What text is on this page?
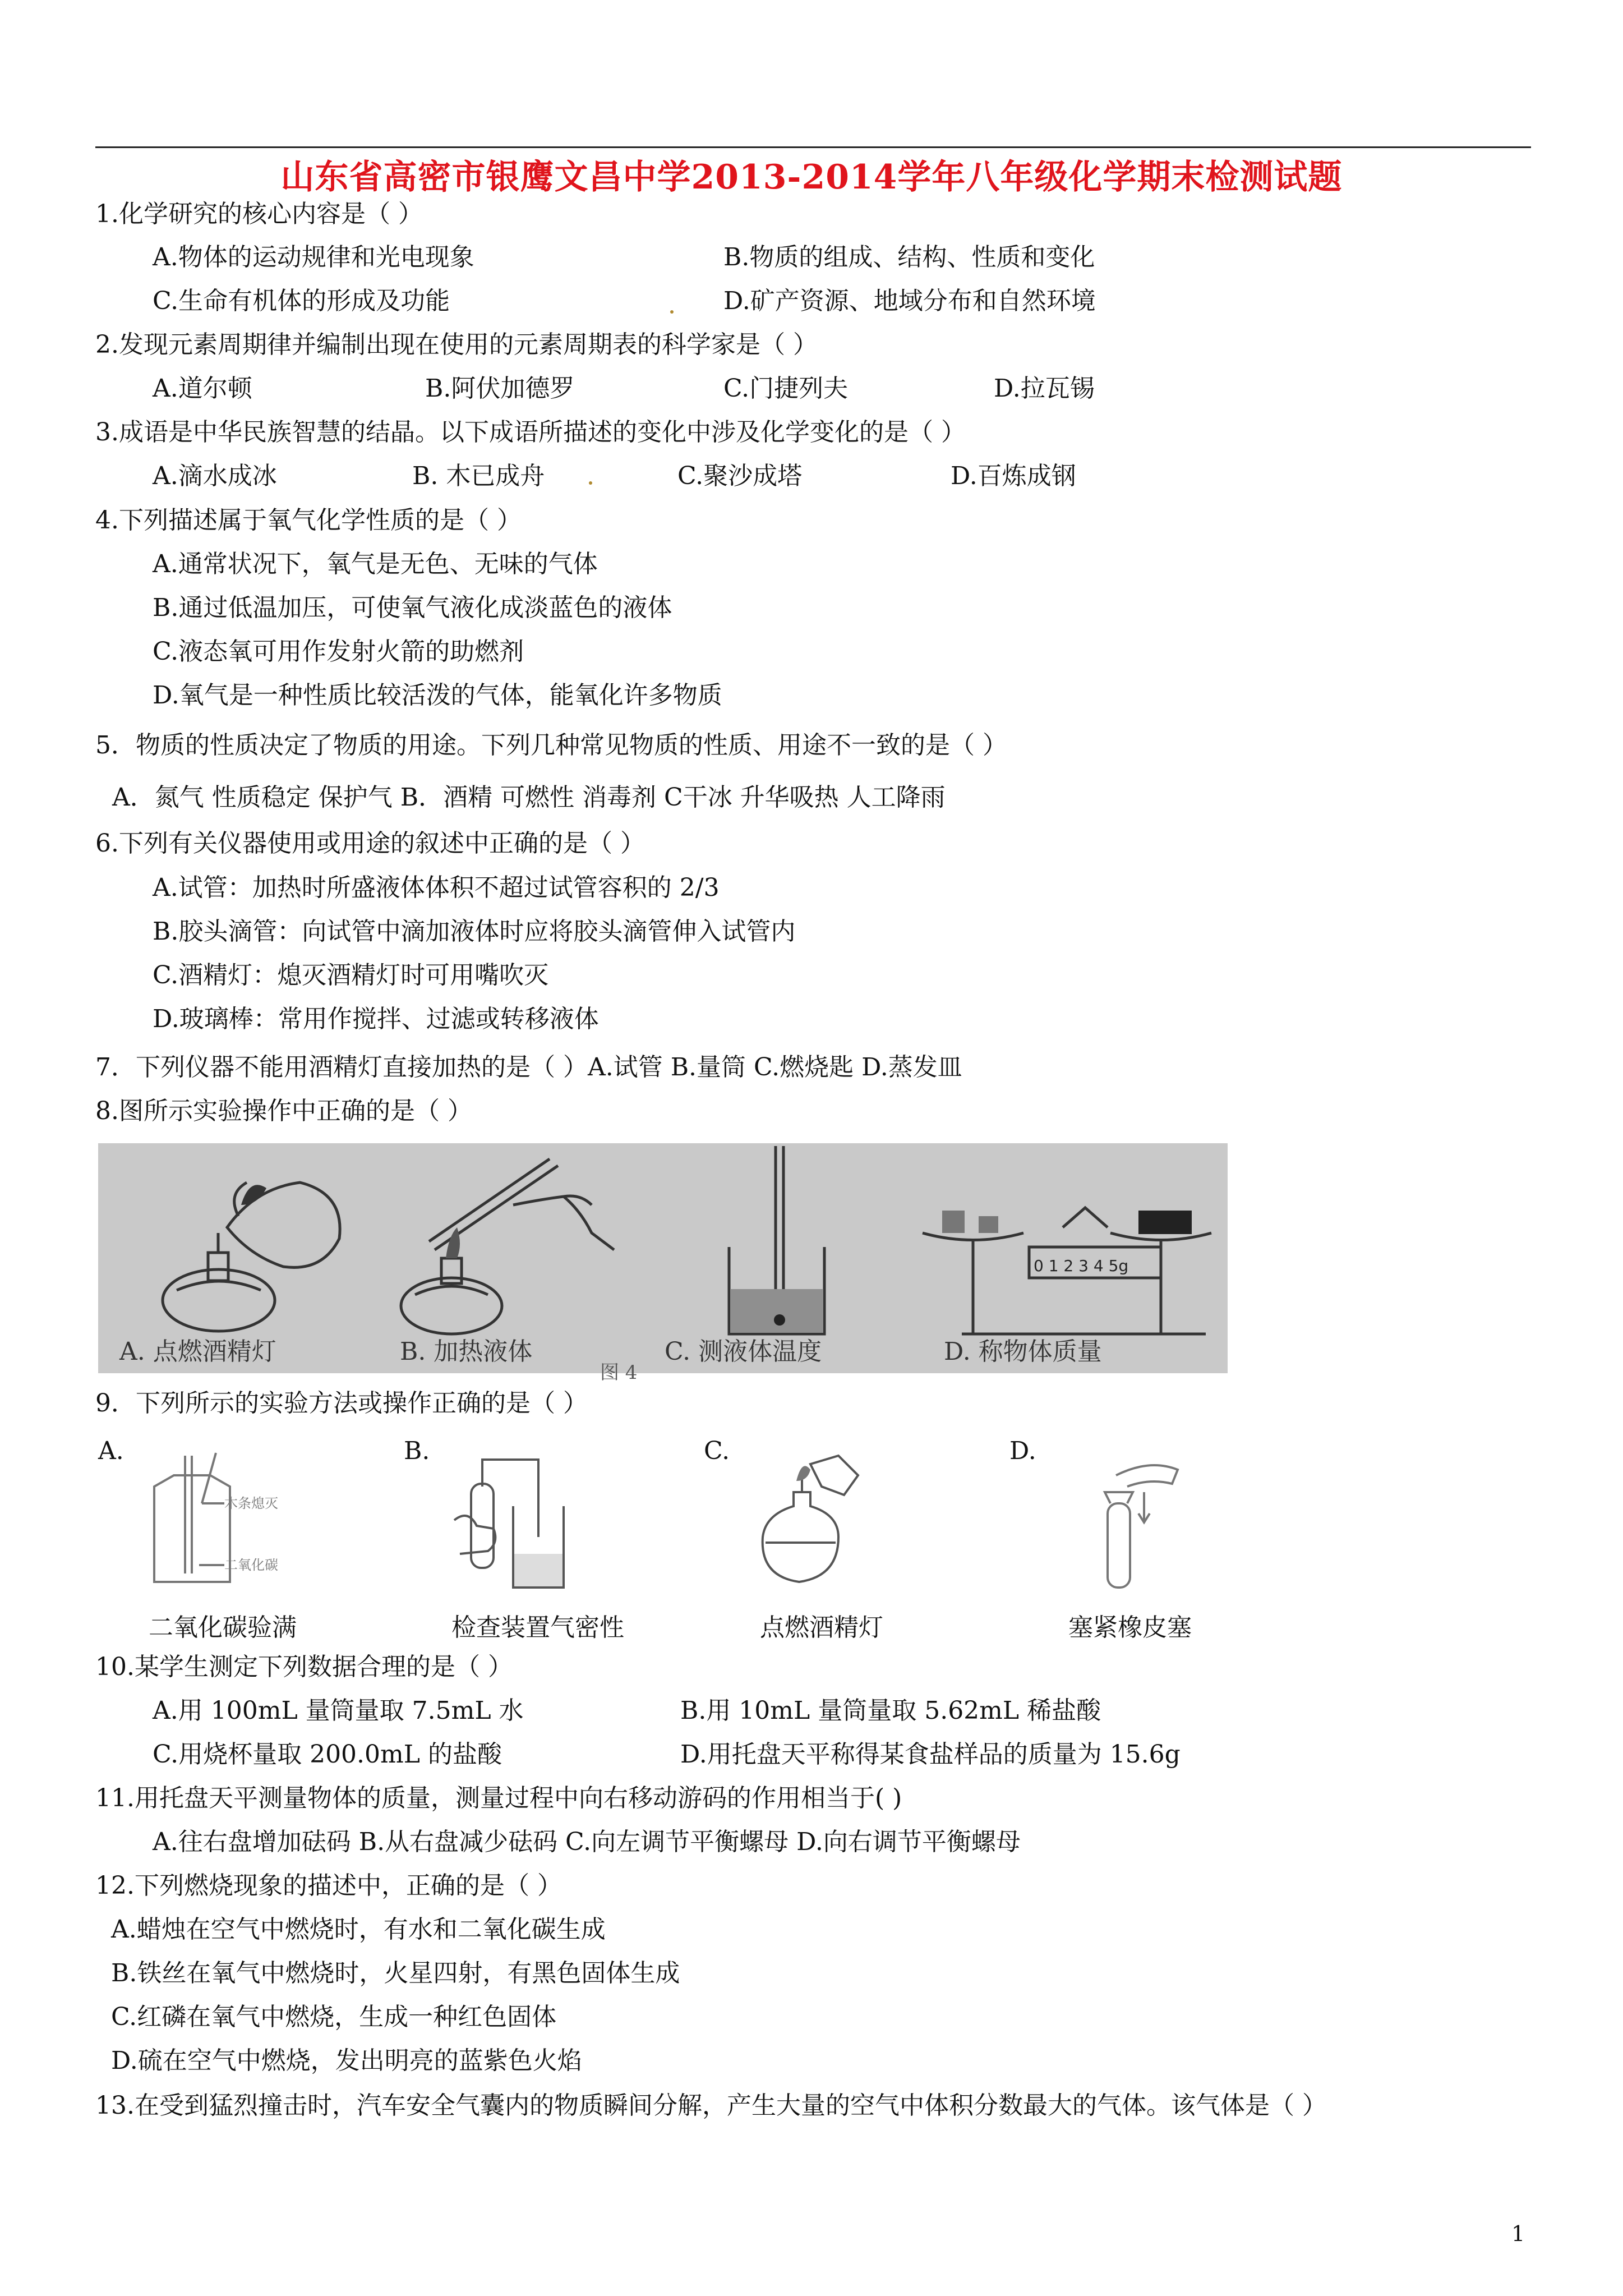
山东省高密市银鹰文昌中学2013-2014学年八年级化学期末检测试题
1.化学研究的核心内容是（ ）
A.物体的运动规律和光电现象	B.物质的组成、结构、性质和变化
C.生命有机体的形成及功能	D.矿产资源、地域分布和自然环境
2.发现元素周期律并编制出现在使用的元素周期表的科学家是（ ）
A.道尔顿	B.阿伏加德罗	C.门捷列夫	D.拉瓦锡
3.成语是中华民族智慧的结晶。以下成语所描述的变化中涉及化学变化的是（ ）
A.滴水成冰	B. 木已成舟	C.聚沙成塔	D.百炼成钢
4.下列描述属于氧气化学性质的是（ ）
A.通常状况下，氧气是无色、无味的气体
B.通过低温加压，可使氧气液化成淡蓝色的液体
C.液态氧可用作发射火箭的助燃剂
D.氧气是一种性质比较活泼的气体，能氧化许多物质
5．物质的性质决定了物质的用途。下列几种常见物质的性质、用途不一致的是（ ）
A．氮气 性质稳定 保护气 B．酒精 可燃性 消毒剂 C干冰 升华吸热 人工降雨
6.下列有关仪器使用或用途的叙述中正确的是（ ）
A.试管：加热时所盛液体体积不超过试管容积的 2/3
B.胶头滴管：向试管中滴加液体时应将胶头滴管伸入试管内
C.酒精灯：熄灭酒精灯时可用嘴吹灭
D.玻璃棒：常用作搅拌、过滤或转移液体
7．下列仪器不能用酒精灯直接加热的是（ ）A.试管 B.量筒 C.燃烧匙 D.蒸发皿
8.图所示实验操作中正确的是（ ）
0 1 2 3 4 5g
A. 点燃酒精灯	B. 加热液体	C. 测液体温度	D. 称物体质量
图 4
9．下列所示的实验方法或操作正确的是（ ）
A.	B.	C.	D.
木条熄灭
二氧化碳
二氧化碳验满	检查装置气密性	点燃酒精灯	塞紧橡皮塞
10.某学生测定下列数据合理的是（ ）
A.用 100mL 量筒量取 7.5mL 水	B.用 10mL 量筒量取 5.62mL 稀盐酸
C.用烧杯量取 200.0mL 的盐酸	D.用托盘天平称得某食盐样品的质量为 15.6g
11.用托盘天平测量物体的质量，测量过程中向右移动游码的作用相当于( )
A.往右盘增加砝码 B.从右盘减少砝码 C.向左调节平衡螺母 D.向右调节平衡螺母
12.下列燃烧现象的描述中，正确的是（ ）
A.蜡烛在空气中燃烧时，有水和二氧化碳生成
B.铁丝在氧气中燃烧时，火星四射，有黑色固体生成
C.红磷在氧气中燃烧，生成一种红色固体
D.硫在空气中燃烧，发出明亮的蓝紫色火焰
13.在受到猛烈撞击时，汽车安全气囊内的物质瞬间分解，产生大量的空气中体积分数最大的气体。该气体是（ ）
1
